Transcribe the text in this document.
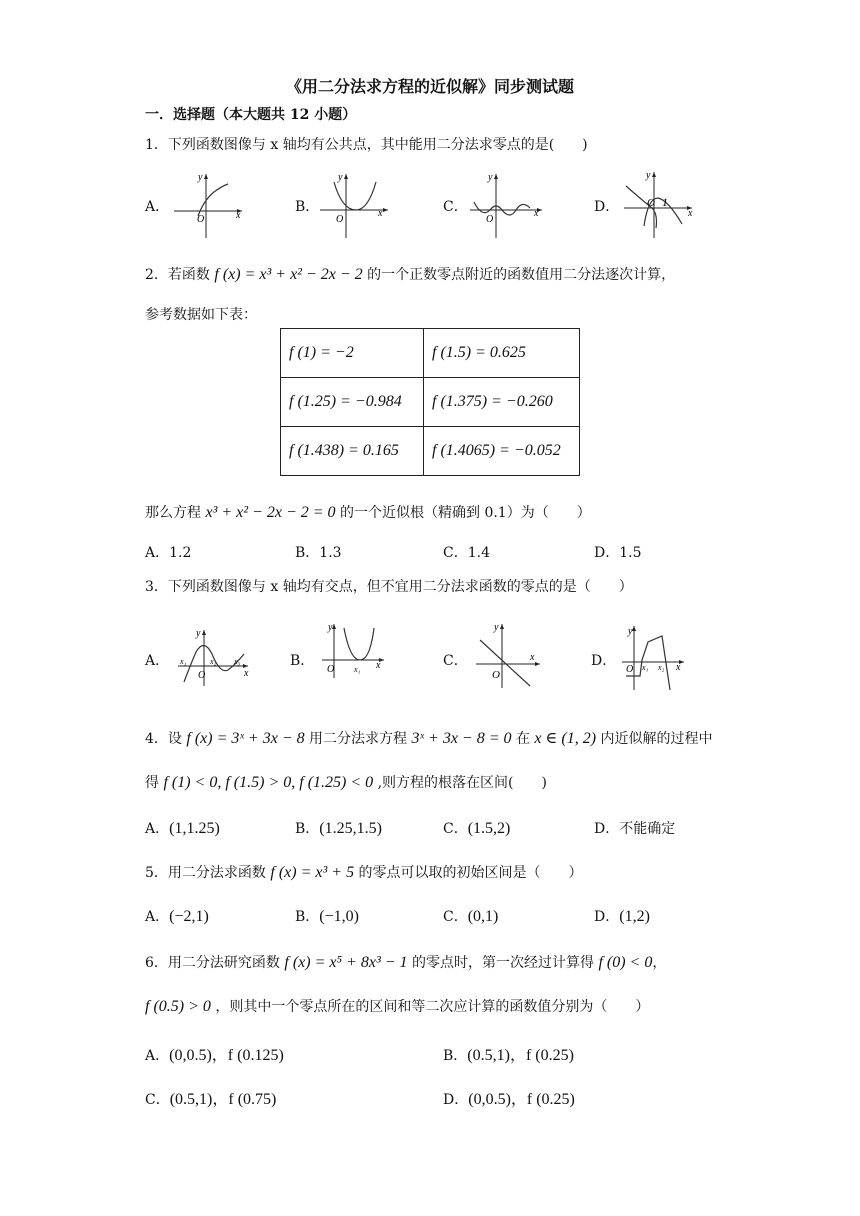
《用二分法求方程的近似解》同步测试题
一．选择题（本大题共 12 小题）
1．下列函数图像与 x 轴均有公共点，其中能用二分法求零点的是(　　)
A．	B．	C．	D．
y
x
O
y
x
O
y
x
O
y
x
O 1
2．若函数 f (x) = x³ + x² − 2x − 2 的一个正数零点附近的函数值用二分法逐次计算，
参考数据如下表：
f (1) = −2	f (1.5) = 0.625
f (1.25) = −0.984	f (1.375) = −0.260
f (1.438) = 0.165	f (1.4065) = −0.052
那么方程 x³ + x² − 2x − 2 = 0 的一个近似根（精确到 0.1）为（　　）
A．1.2	B．1.3	C．1.4	D．1.5
3．下列函数图像与 x 轴均有交点，但不宜用二分法求函数的零点的是（　　）
A．	B．	C．	D．
y
x
O
x₁	x₂ x₃
y
x
O x₁
y
x
O
y
x
O x₁ x₂
4．设 f (x) = 3ˣ + 3x − 8 用二分法求方程 3ˣ + 3x − 8 = 0 在 x ∈ (1, 2) 内近似解的过程中
得 f (1) < 0, f (1.5) > 0, f (1.25) < 0 ,则方程的根落在区间(　　)
A．(1,1.25)	B．(1.25,1.5)	C．(1.5,2)	D．不能确定
5．用二分法求函数 f (x) = x³ + 5 的零点可以取的初始区间是（　　）
A．(−2,1)	B．(−1,0)	C．(0,1)	D．(1,2)
6．用二分法研究函数 f (x) = x⁵ + 8x³ − 1 的零点时，第一次经过计算得 f (0) < 0，
f (0.5) > 0 ，则其中一个零点所在的区间和等二次应计算的函数值分别为（　　）
A．(0,0.5)，f (0.125)	B．(0.5,1)，f (0.25)
C．(0.5,1)，f (0.75)	D．(0,0.5)，f (0.25)
